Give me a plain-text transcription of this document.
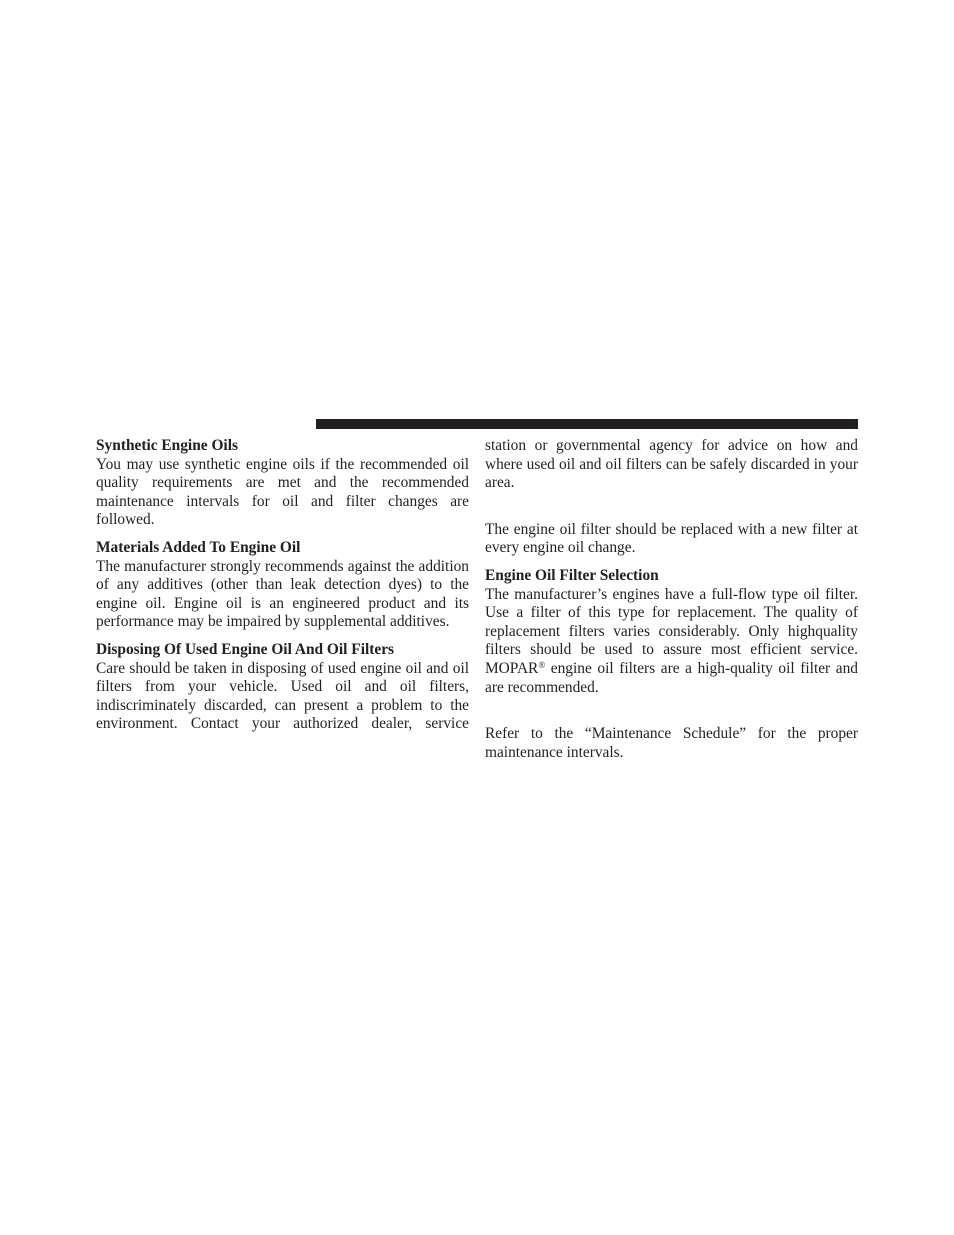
Synthetic Engine Oils

You may use synthetic engine oils if the recommended oil quality requirements are met and the recommended maintenance intervals for oil and filter changes are followed.

Materials Added To Engine Oil

The manufacturer strongly recommends against the addition of any additives (other than leak detection dyes) to the engine oil. Engine oil is an engineered product and its performance may be impaired by supplemental additives.

Disposing Of Used Engine Oil And Oil Filters

Care should be taken in disposing of used engine oil and oil filters from your vehicle. Used oil and oil filters, indiscriminately discarded, can present a problem to the environment. Contact your authorized dealer, service

station or governmental agency for advice on how and where used oil and oil filters can be safely discarded in your area.

The engine oil filter should be replaced with a new filter at every engine oil change.

Engine Oil Filter Selection

The manufacturer’s engines have a full-flow type oil filter. Use a filter of this type for replacement. The quality of replacement filters varies considerably. Only highquality filters should be used to assure most efficient service. MOPAR® engine oil filters are a high-quality oil filter and are recommended.

Refer to the “Maintenance Schedule” for the proper maintenance intervals.
